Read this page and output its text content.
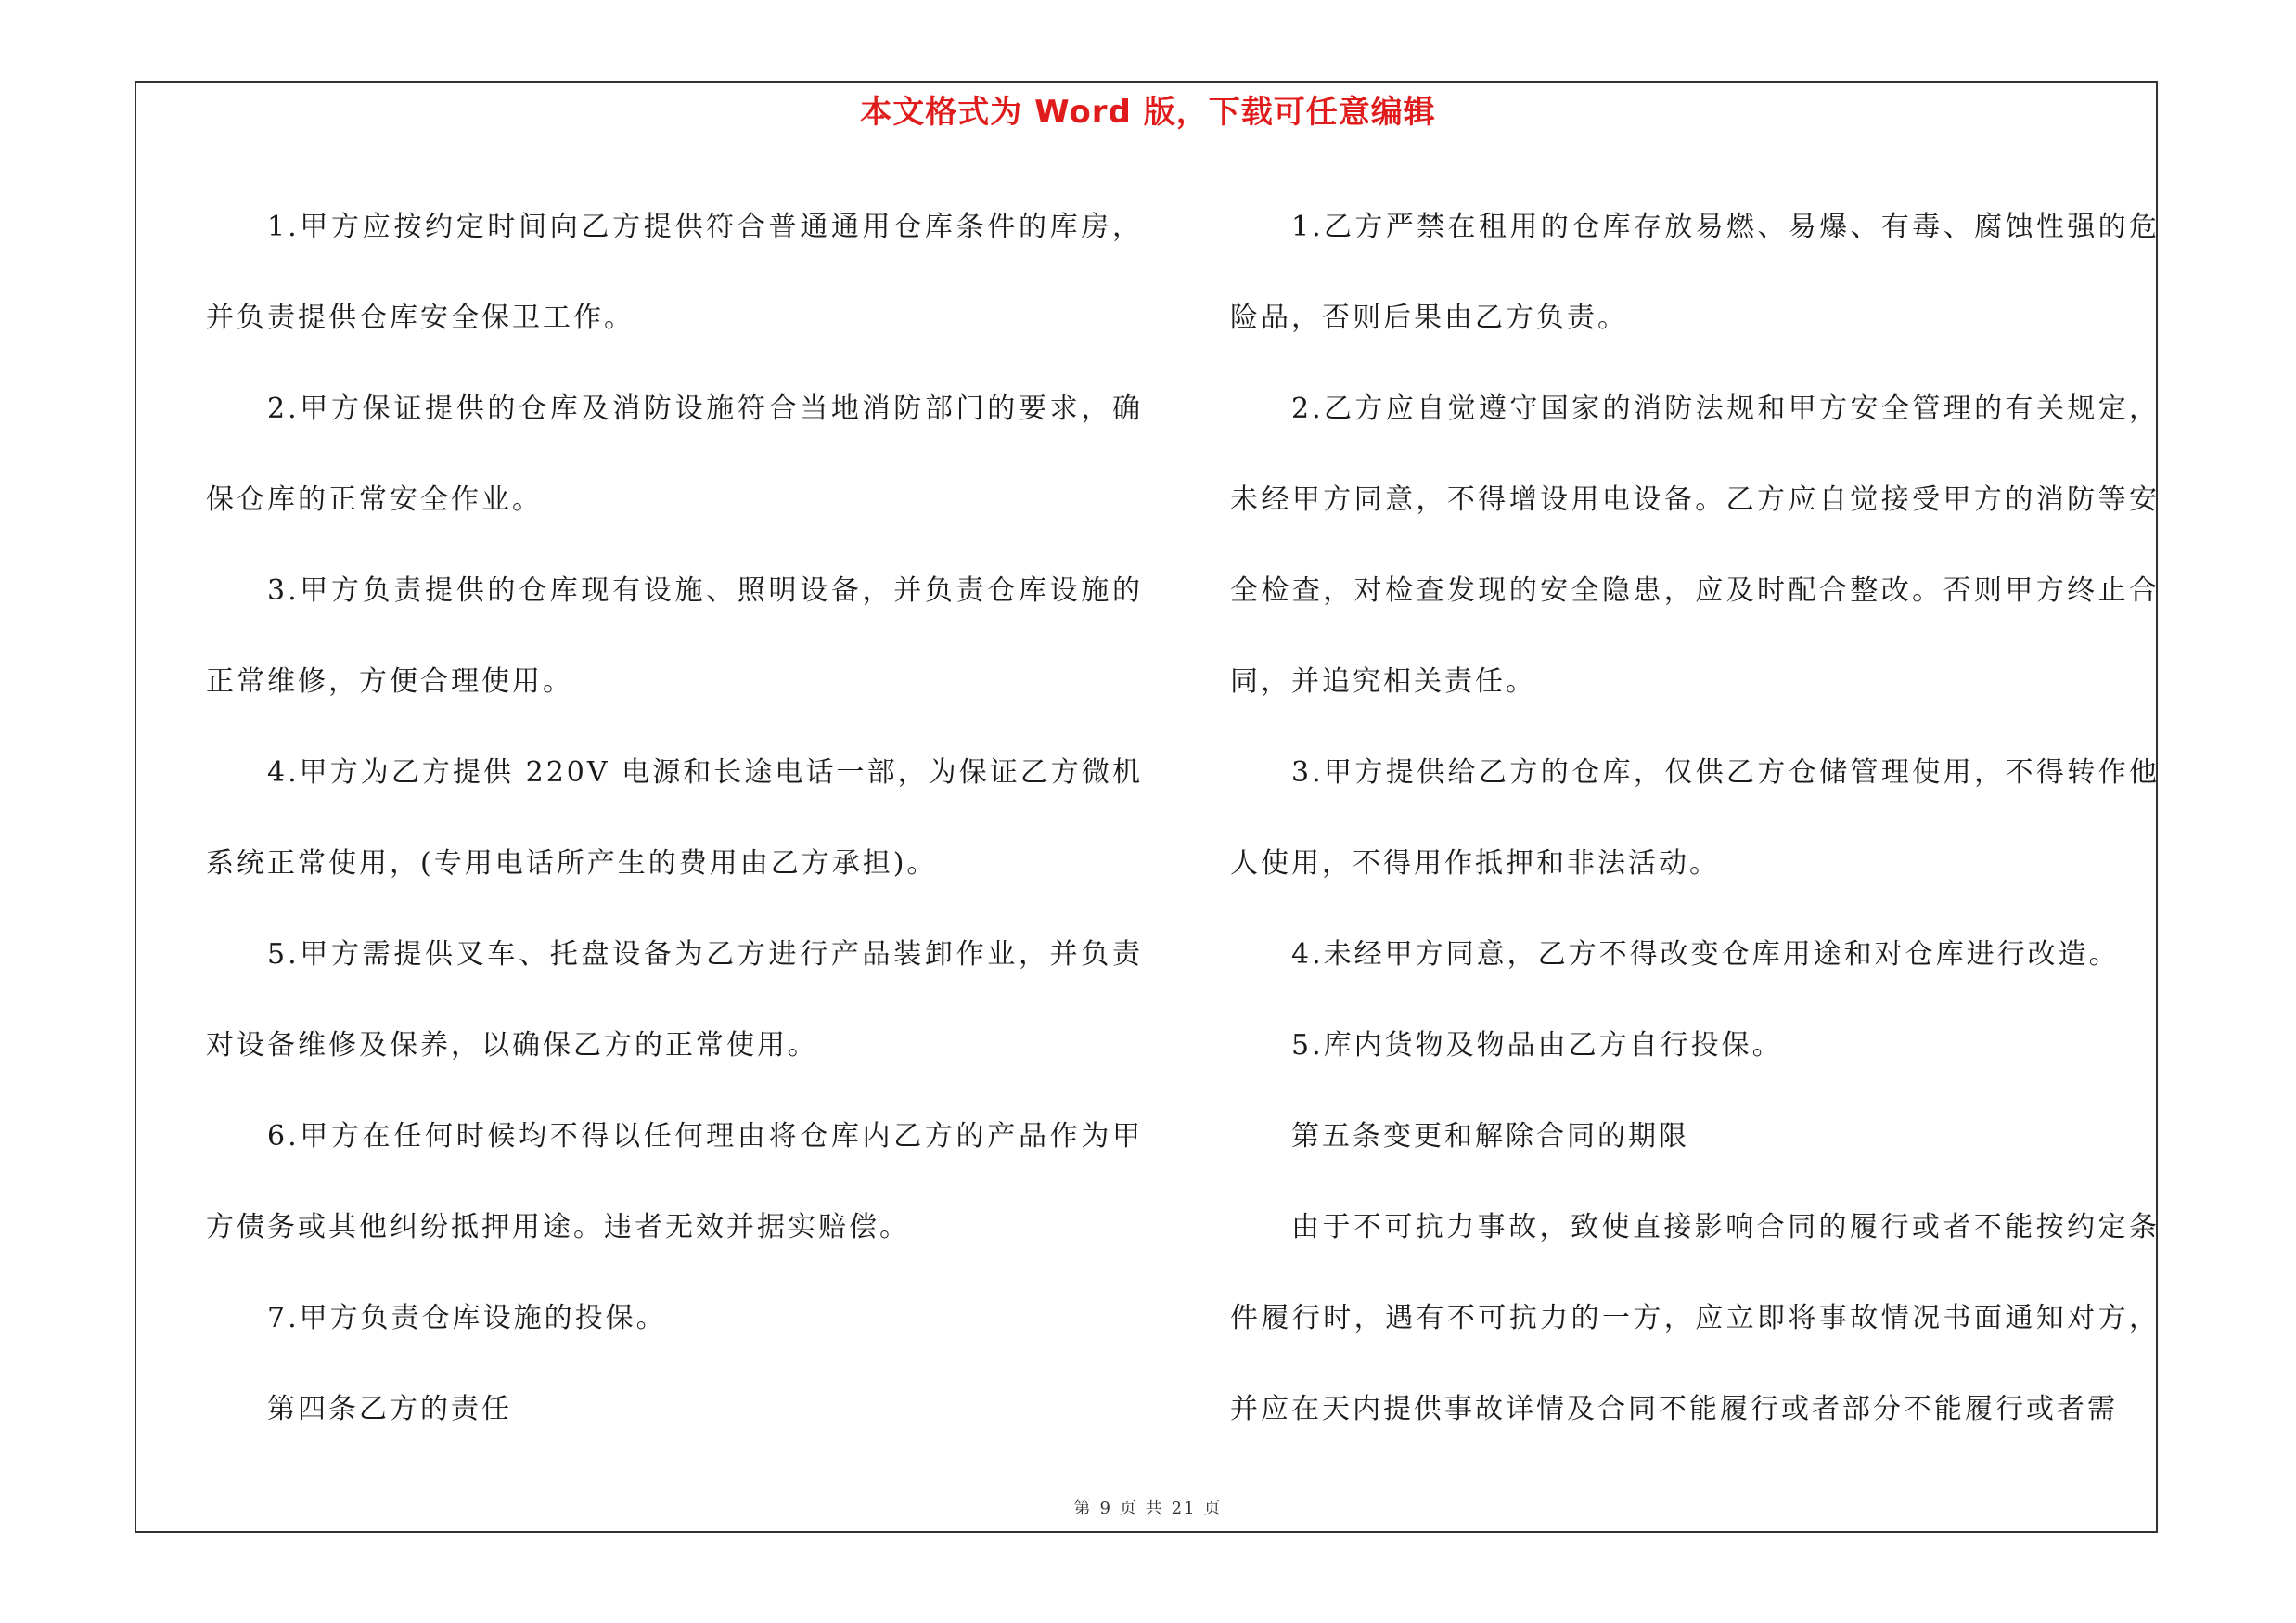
本文格式为 Word 版，下载可任意编辑

1.甲方应按约定时间向乙方提供符合普通通用仓库条件的库房，并负责提供仓库安全保卫工作。

2.甲方保证提供的仓库及消防设施符合当地消防部门的要求，确保仓库的正常安全作业。

3.甲方负责提供的仓库现有设施、照明设备，并负责仓库设施的正常维修，方便合理使用。

4.甲方为乙方提供 220V 电源和长途电话一部，为保证乙方微机系统正常使用，(专用电话所产生的费用由乙方承担)。

5.甲方需提供叉车、托盘设备为乙方进行产品装卸作业，并负责对设备维修及保养，以确保乙方的正常使用。

6.甲方在任何时候均不得以任何理由将仓库内乙方的产品作为甲方债务或其他纠纷抵押用途。违者无效并据实赔偿。

7.甲方负责仓库设施的投保。

第四条乙方的责任

1.乙方严禁在租用的仓库存放易燃、易爆、有毒、腐蚀性强的危险品，否则后果由乙方负责。

2.乙方应自觉遵守国家的消防法规和甲方安全管理的有关规定，未经甲方同意，不得增设用电设备。乙方应自觉接受甲方的消防等安全检查，对检查发现的安全隐患，应及时配合整改。否则甲方终止合同，并追究相关责任。

3.甲方提供给乙方的仓库，仅供乙方仓储管理使用，不得转作他人使用，不得用作抵押和非法活动。

4.未经甲方同意，乙方不得改变仓库用途和对仓库进行改造。

5.库内货物及物品由乙方自行投保。

第五条变更和解除合同的期限

由于不可抗力事故，致使直接影响合同的履行或者不能按约定条件履行时，遇有不可抗力的一方，应立即将事故情况书面通知对方，并应在天内提供事故详情及合同不能履行或者部分不能履行或者需

第 9 页 共 21 页
